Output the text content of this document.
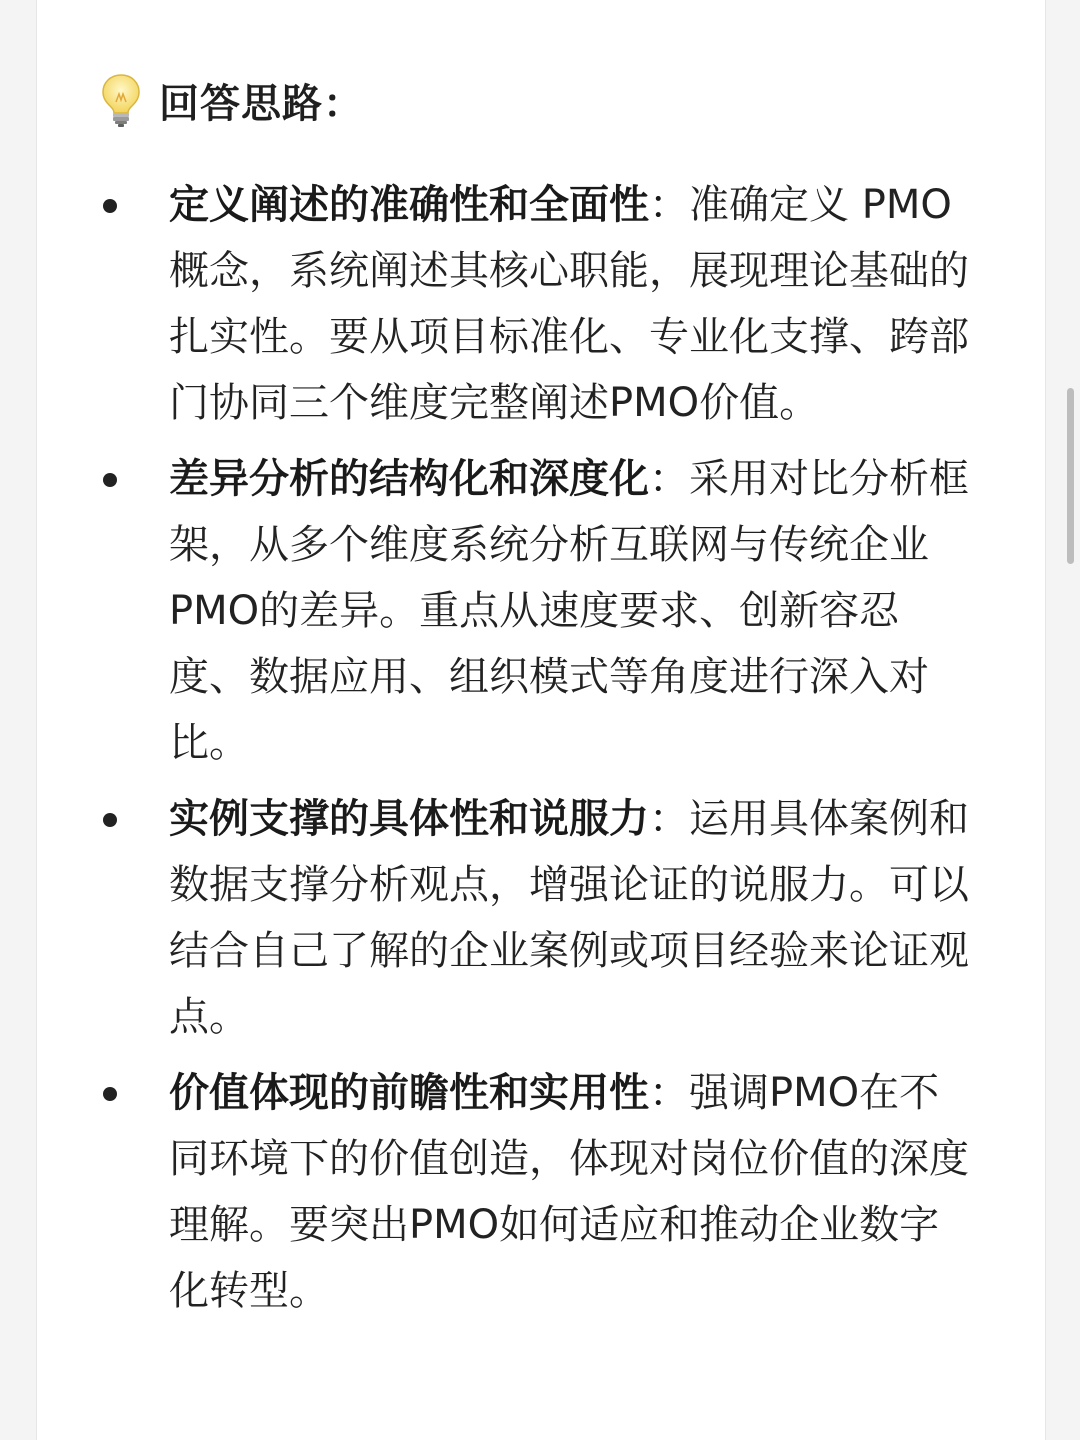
回答思路：
定义阐述的准确性和全面性：准确定义 PMO概念，系统阐述其核心职能，展现理论基础的扎实性。要从项目标准化、专业化支撑、跨部门协同三个维度完整阐述PMO价值。
差异分析的结构化和深度化：采用对比分析框架，从多个维度系统分析互联网与传统企业PMO的差异。重点从速度要求、创新容忍度、数据应用、组织模式等角度进行深入对比。
实例支撑的具体性和说服力：运用具体案例和数据支撑分析观点，增强论证的说服力。可以结合自己了解的企业案例或项目经验来论证观点。
价值体现的前瞻性和实用性：强调PMO在不同环境下的价值创造，体现对岗位价值的深度理解。要突出PMO如何适应和推动企业数字化转型。
